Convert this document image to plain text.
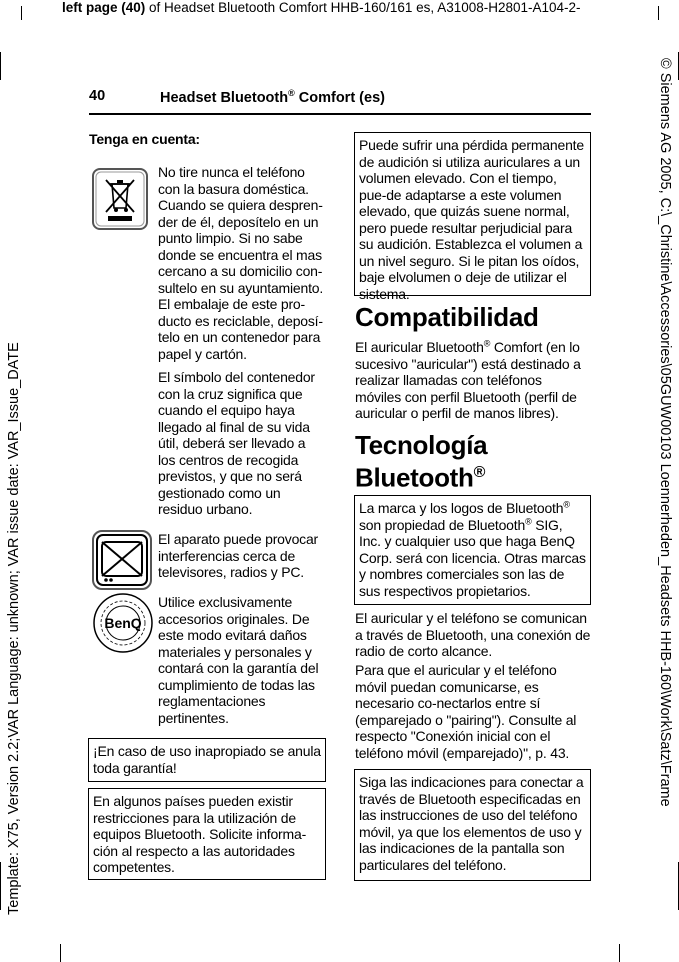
left page (40) of Headset Bluetooth Comfort HHB-160/161 es, A31008-H2801-A104-2-
Template: X75, Version 2.2;VAR Language: unknown; VAR issue date: VAR_Issue_DATE	© Siemens AG 2005, C:\_Christine\Accessories\05GUW00103 Loennerheden_Headsets HHB-160\Work\Satz\Frame
40	Headset Bluetooth® Comfort (es)
Tenga en cuenta:
No tire nunca el teléfono con la basura doméstica. Cuando se quiera despren-der de él, deposítelo en un punto limpio. Si no sabe donde se encuentra el mas cercano a su domicilio con-sultelo en su ayuntamiento. El embalaje de este pro-ducto es reciclable, deposí-telo en un contenedor para papel y cartón.
El símbolo del contenedor con la cruz significa que cuando el equipo haya llegado al final de su vida útil, deberá ser llevado a los centros de recogida previstos, y que no será gestionado como un residuo urbano.
El aparato puede provocar interferencias cerca de televisores, radios y PC.
BenQ
Utilice exclusivamente accesorios originales. De este modo evitará daños materiales y personales y contará con la garantía del cumplimiento de todas las reglamentaciones pertinentes.
¡En caso de uso inapropiado se anula toda garantía!
En algunos países pueden existir restricciones para la utilización de equipos Bluetooth. Solicite informa-ción al respecto a las autoridades competentes.
Puede sufrir una pérdida permanente de audición si utiliza auriculares a un volumen elevado. Con el tiempo, pue-de adaptarse a este volumen elevado, que quizás suene normal, pero puede resultar perjudicial para su audición. Establezca el volumen a un nivel seguro. Si le pitan los oídos, baje elvolumen o deje de utilizar el sistema.
Compatibilidad
El auricular Bluetooth® Comfort (en lo sucesivo "auricular") está destinado a realizar llamadas con teléfonos móviles con perfil Bluetooth (perfil de auricular o perfil de manos libres).
Tecnología
Bluetooth®
La marca y los logos de Bluetooth® son propiedad de Bluetooth® SIG, Inc. y cualquier uso que haga BenQ Corp. será con licencia. Otras marcas y nombres comerciales son las de sus respectivos propietarios.
El auricular y el teléfono se comunican a través de Bluetooth, una conexión de radio de corto alcance.
Para que el auricular y el teléfono móvil puedan comunicarse, es necesario co-nectarlos entre sí (emparejado o "pairing"). Consulte al respecto "Conexión inicial con el teléfono móvil (emparejado)", p. 43.
Siga las indicaciones para conectar a través de Bluetooth especificadas en las instrucciones de uso del teléfono móvil, ya que los elementos de uso y las indicaciones de la pantalla son particulares del teléfono.
